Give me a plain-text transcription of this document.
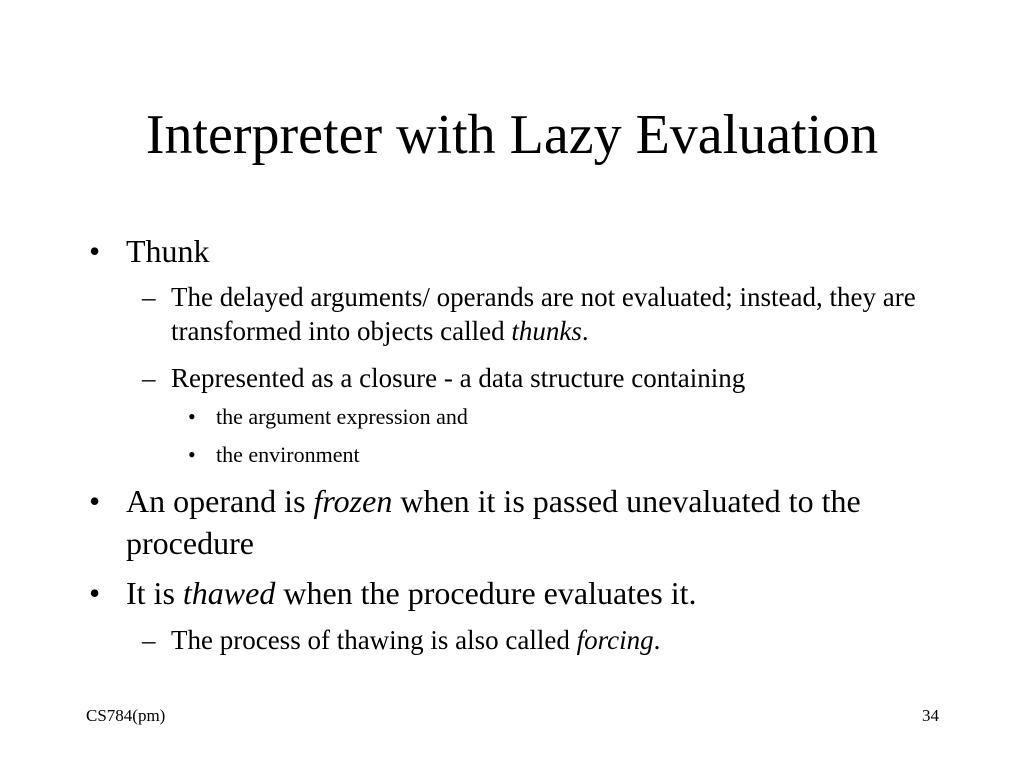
Interpreter with Lazy Evaluation
• Thunk
– The delayed arguments/ operands are not evaluated; instead, they are transformed into objects called thunks.
– Represented as a closure - a data structure containing
• the argument expression and
• the environment
• An operand is frozen when it is passed unevaluated to the procedure
• It is thawed when the procedure evaluates it.
– The process of thawing is also called forcing.
CS784(pm)	34
